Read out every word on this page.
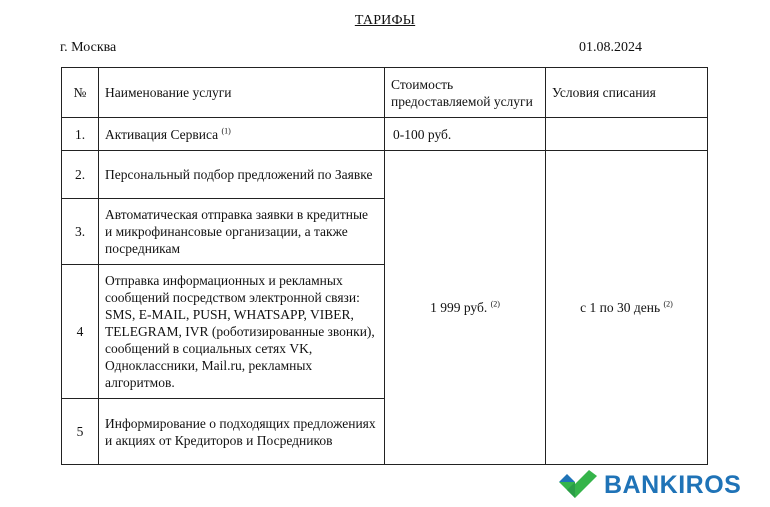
ТАРИФЫ
г. Москва	01.08.2024
№	Наименование услуги	Стоимость предоставляемой услуги	Условия списания
1.	Активация Сервиса $^{(1)}$	0-100 руб.	
2.	Персональный подбор предложений по Заявке	1 999 руб. $^{(2)}$	с 1 по 30 день $^{(2)}$
3.	Автоматическая отправка заявки в кредитные и микрофинансовые организации, а также посредникам		
4	Отправка информационных и рекламных сообщений посредством электронной связи: SMS, E-MAIL, PUSH, WHATSAPP, VIBER, TELEGRAM, IVR (роботизированные звонки), сообщений в социальных сетях VK, Одноклассники, Mail.ru, рекламных алгоритмов.		
5	Информирование о подходящих предложениях и акциях от Кредиторов и Посредников		
BANKIROS
